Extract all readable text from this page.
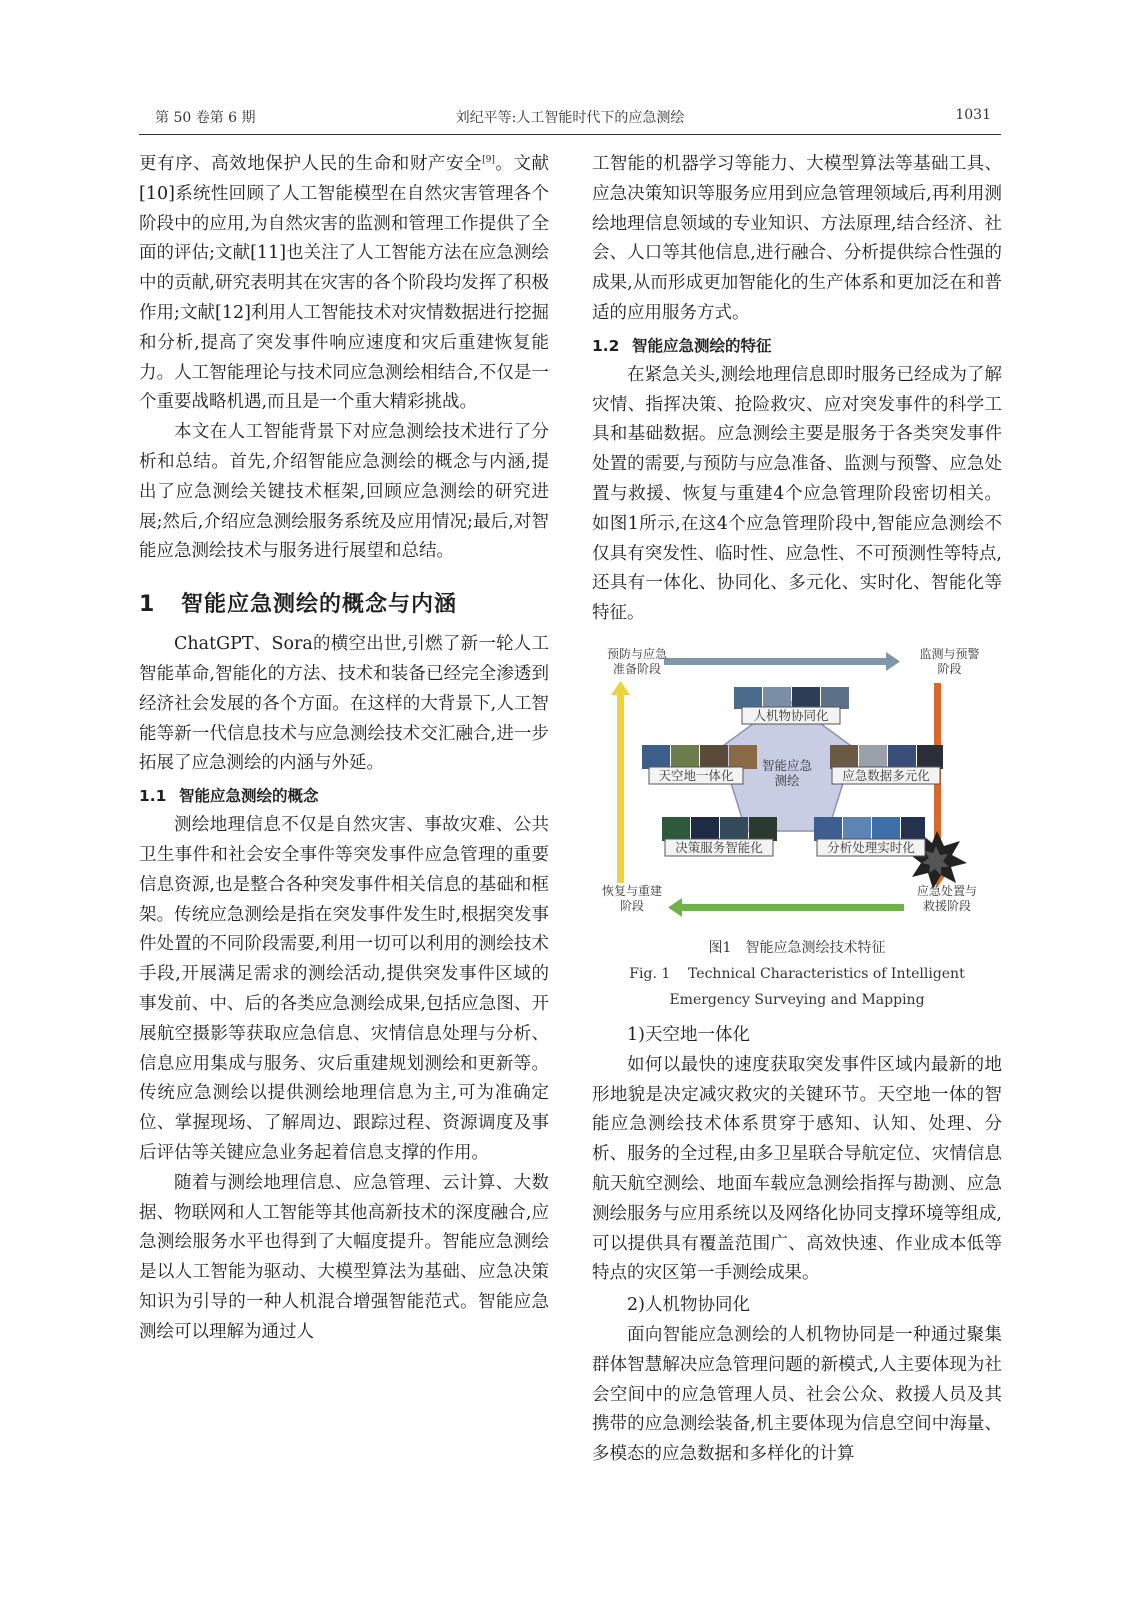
第 50 卷第 6 期	刘纪平等:人工智能时代下的应急测绘	1031

更有序、高效地保护人民的生命和财产安全[9]。文献[10]系统性回顾了人工智能模型在自然灾害管理各个阶段中的应用,为自然灾害的监测和管理工作提供了全面的评估;文献[11]也关注了人工智能方法在应急测绘中的贡献,研究表明其在灾害的各个阶段均发挥了积极作用;文献[12]利用人工智能技术对灾情数据进行挖掘和分析,提高了突发事件响应速度和灾后重建恢复能力。人工智能理论与技术同应急测绘相结合,不仅是一个重要战略机遇,而且是一个重大精彩挑战。

本文在人工智能背景下对应急测绘技术进行了分析和总结。首先,介绍智能应急测绘的概念与内涵,提出了应急测绘关键技术框架,回顾应急测绘的研究进展;然后,介绍应急测绘服务系统及应用情况;最后,对智能应急测绘技术与服务进行展望和总结。

1 智能应急测绘的概念与内涵

ChatGPT、Sora的横空出世,引燃了新一轮人工智能革命,智能化的方法、技术和装备已经完全渗透到经济社会发展的各个方面。在这样的大背景下,人工智能等新一代信息技术与应急测绘技术交汇融合,进一步拓展了应急测绘的内涵与外延。

1.1 智能应急测绘的概念

测绘地理信息不仅是自然灾害、事故灾难、公共卫生事件和社会安全事件等突发事件应急管理的重要信息资源,也是整合各种突发事件相关信息的基础和框架。传统应急测绘是指在突发事件发生时,根据突发事件处置的不同阶段需要,利用一切可以利用的测绘技术手段,开展满足需求的测绘活动,提供突发事件区域的事发前、中、后的各类应急测绘成果,包括应急图、开展航空摄影等获取应急信息、灾情信息处理与分析、信息应用集成与服务、灾后重建规划测绘和更新等。传统应急测绘以提供测绘地理信息为主,可为准确定位、掌握现场、了解周边、跟踪过程、资源调度及事后评估等关键应急业务起着信息支撑的作用。

随着与测绘地理信息、应急管理、云计算、大数据、物联网和人工智能等其他高新技术的深度融合,应急测绘服务水平也得到了大幅度提升。智能应急测绘是以人工智能为驱动、大模型算法为基础、应急决策知识为引导的一种人机混合增强智能范式。智能应急测绘可以理解为通过人

工智能的机器学习等能力、大模型算法等基础工具、应急决策知识等服务应用到应急管理领域后,再利用测绘地理信息领域的专业知识、方法原理,结合经济、社会、人口等其他信息,进行融合、分析提供综合性强的成果,从而形成更加智能化的生产体系和更加泛在和普适的应用服务方式。

1.2 智能应急测绘的特征

在紧急关头,测绘地理信息即时服务已经成为了解灾情、指挥决策、抢险救灾、应对突发事件的科学工具和基础数据。应急测绘主要是服务于各类突发事件处置的需要,与预防与应急准备、监测与预警、应急处置与救援、恢复与重建4个应急管理阶段密切相关。如图1所示,在这4个应急管理阶段中,智能应急测绘不仅具有突发性、临时性、应急性、不可预测性等特点,还具有一体化、协同化、多元化、实时化、智能化等特征。

预防与应急
准备阶段
监测与预警
阶段
恢复与重建
阶段
应急处置与
救援阶段
智能应急
测绘
人机物协同化
天空地一体化	应急数据多元化
决策服务智能化	分析处理实时化
图1 智能应急测绘技术特征
Fig. 1    Technical Characteristics of Intelligent
Emergency Surveying and Mapping

1)天空地一体化

如何以最快的速度获取突发事件区域内最新的地形地貌是决定减灾救灾的关键环节。天空地一体的智能应急测绘技术体系贯穿于感知、认知、处理、分析、服务的全过程,由多卫星联合导航定位、灾情信息航天航空测绘、地面车载应急测绘指挥与勘测、应急测绘服务与应用系统以及网络化协同支撑环境等组成,可以提供具有覆盖范围广、高效快速、作业成本低等特点的灾区第一手测绘成果。

2)人机物协同化

面向智能应急测绘的人机物协同是一种通过聚集群体智慧解决应急管理问题的新模式,人主要体现为社会空间中的应急管理人员、社会公众、救援人员及其携带的应急测绘装备,机主要体现为信息空间中海量、多模态的应急数据和多样化的计算
